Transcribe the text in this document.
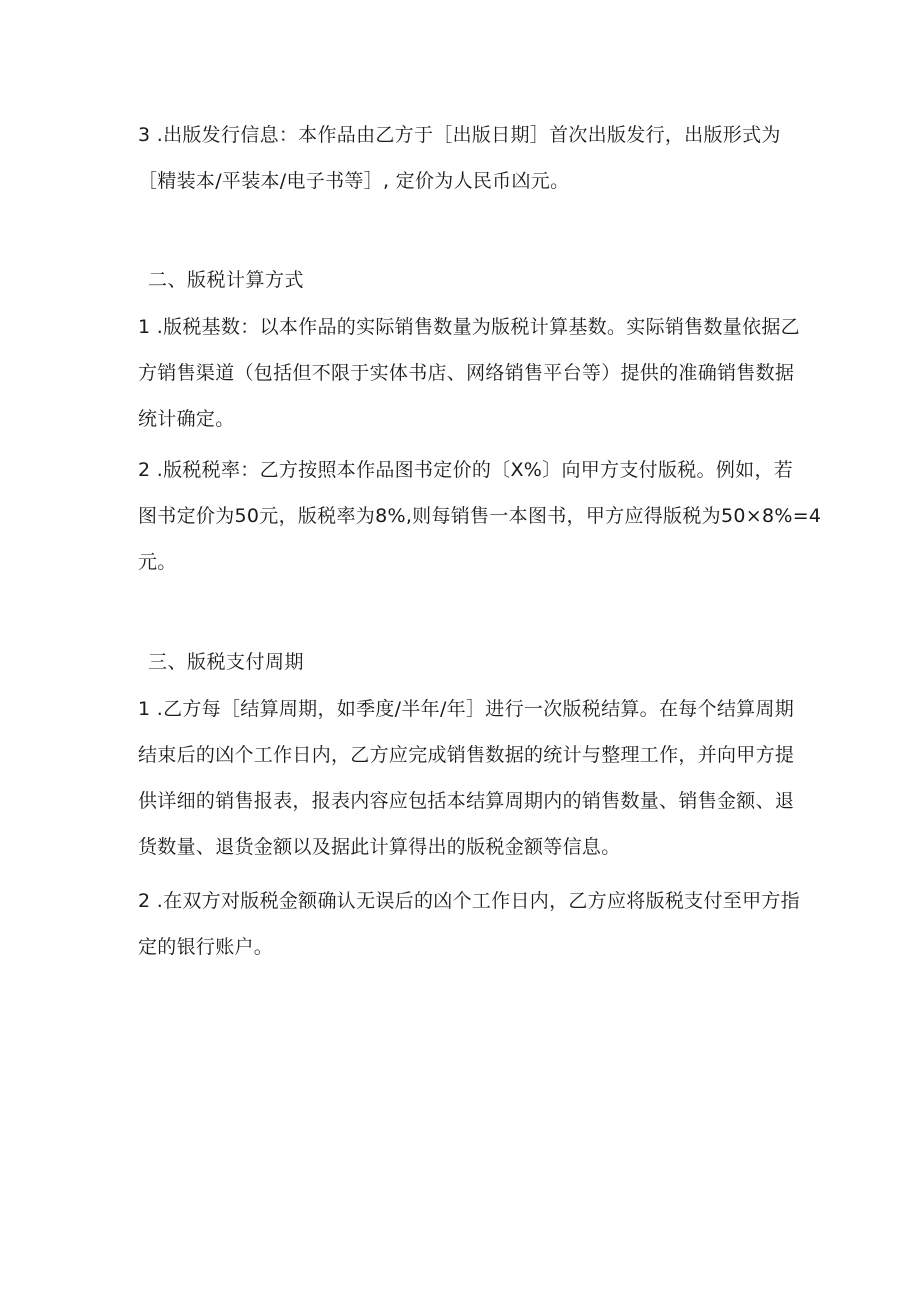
3 .出版发行信息：本作品由乙方于［出版日期］首次出版发行，出版形式为
［精装本/平装本/电子书等］, 定价为人民币凶元。

二、版税计算方式

1 .版税基数：以本作品的实际销售数量为版税计算基数。实际销售数量依据乙
方销售渠道（包括但不限于实体书店、网络销售平台等）提供的准确销售数据
统计确定。

2 .版税税率：乙方按照本作品图书定价的〔X%〕向甲方支付版税。例如，若
图书定价为50元，版税率为8%,则每销售一本图书，甲方应得版税为50×8%=4
元。

三、版税支付周期

1 .乙方每［结算周期，如季度/半年/年］进行一次版税结算。在每个结算周期
结束后的凶个工作日内，乙方应完成销售数据的统计与整理工作，并向甲方提
供详细的销售报表，报表内容应包括本结算周期内的销售数量、销售金额、退
货数量、退货金额以及据此计算得出的版税金额等信息。

2 .在双方对版税金额确认无误后的凶个工作日内，乙方应将版税支付至甲方指
定的银行账户。
